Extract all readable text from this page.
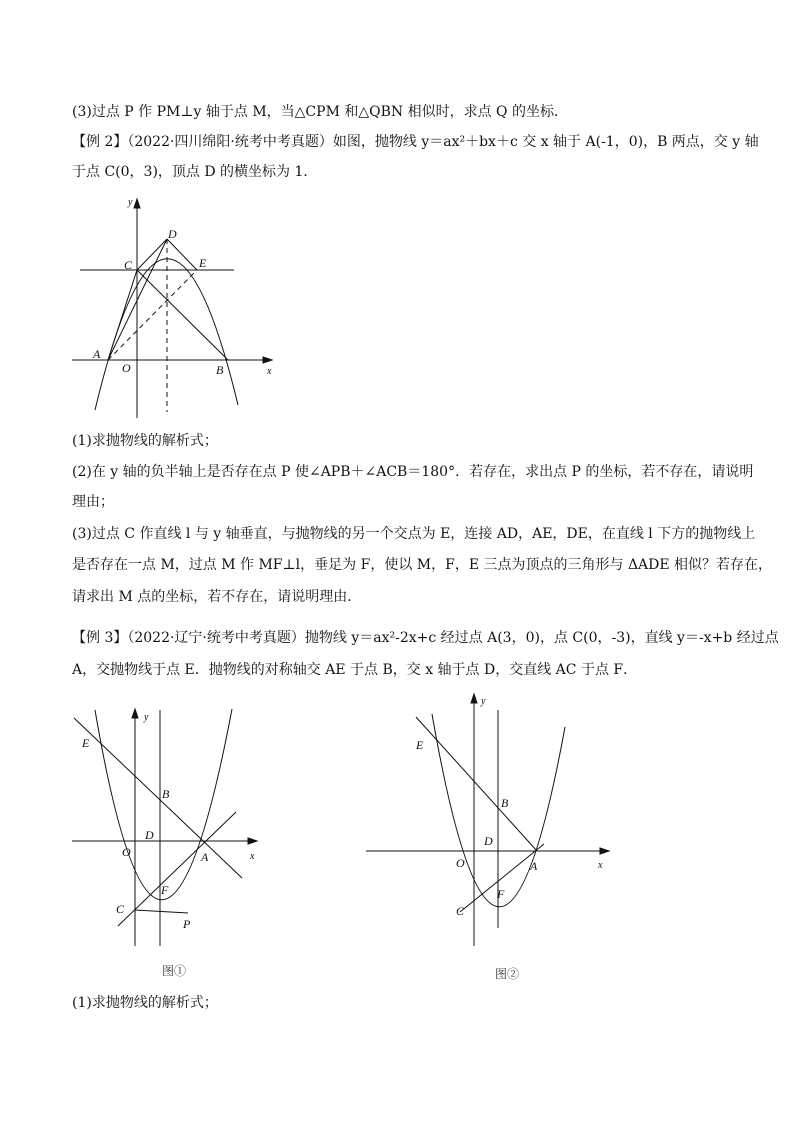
(3)过点 P 作 PM⊥y 轴于点 M，当△CPM 和△QBN 相似时，求点 Q 的坐标．
【例 2】（2022·四川绵阳·统考中考真题）如图，抛物线 y＝ax²＋bx＋c 交 x 轴于 A(-1，0)，B 两点，交 y 轴
于点 C(0，3)，顶点 D 的横坐标为 1．
y
x
O
A
B
C
D
E
(1)求抛物线的解析式；
(2)在 y 轴的负半轴上是否存在点 P 使∠APB＋∠ACB＝180°．若存在，求出点 P 的坐标，若不存在，请说明
理由；
(3)过点 C 作直线 l 与 y 轴垂直，与抛物线的另一个交点为 E，连接 AD，AE，DE，在直线 l 下方的抛物线上
是否存在一点 M，过点 M 作 MF⊥l，垂足为 F，使以 M，F，E 三点为顶点的三角形与 ΔADE 相似？若存在，
请求出 M 点的坐标，若不存在，请说明理由．
【例 3】（2022·辽宁·统考中考真题）抛物线 y＝ax²-2x+c 经过点 A(3，0)，点 C(0，-3)，直线 y＝-x+b 经过点
A，交抛物线于点 E．抛物线的对称轴交 AE 于点 B，交 x 轴于点 D，交直线 AC 于点 F．
y
x
O	A
B
C
D
E
F
P
图①
y
x
O	A
B
C
D
E
F
图②
(1)求抛物线的解析式；
